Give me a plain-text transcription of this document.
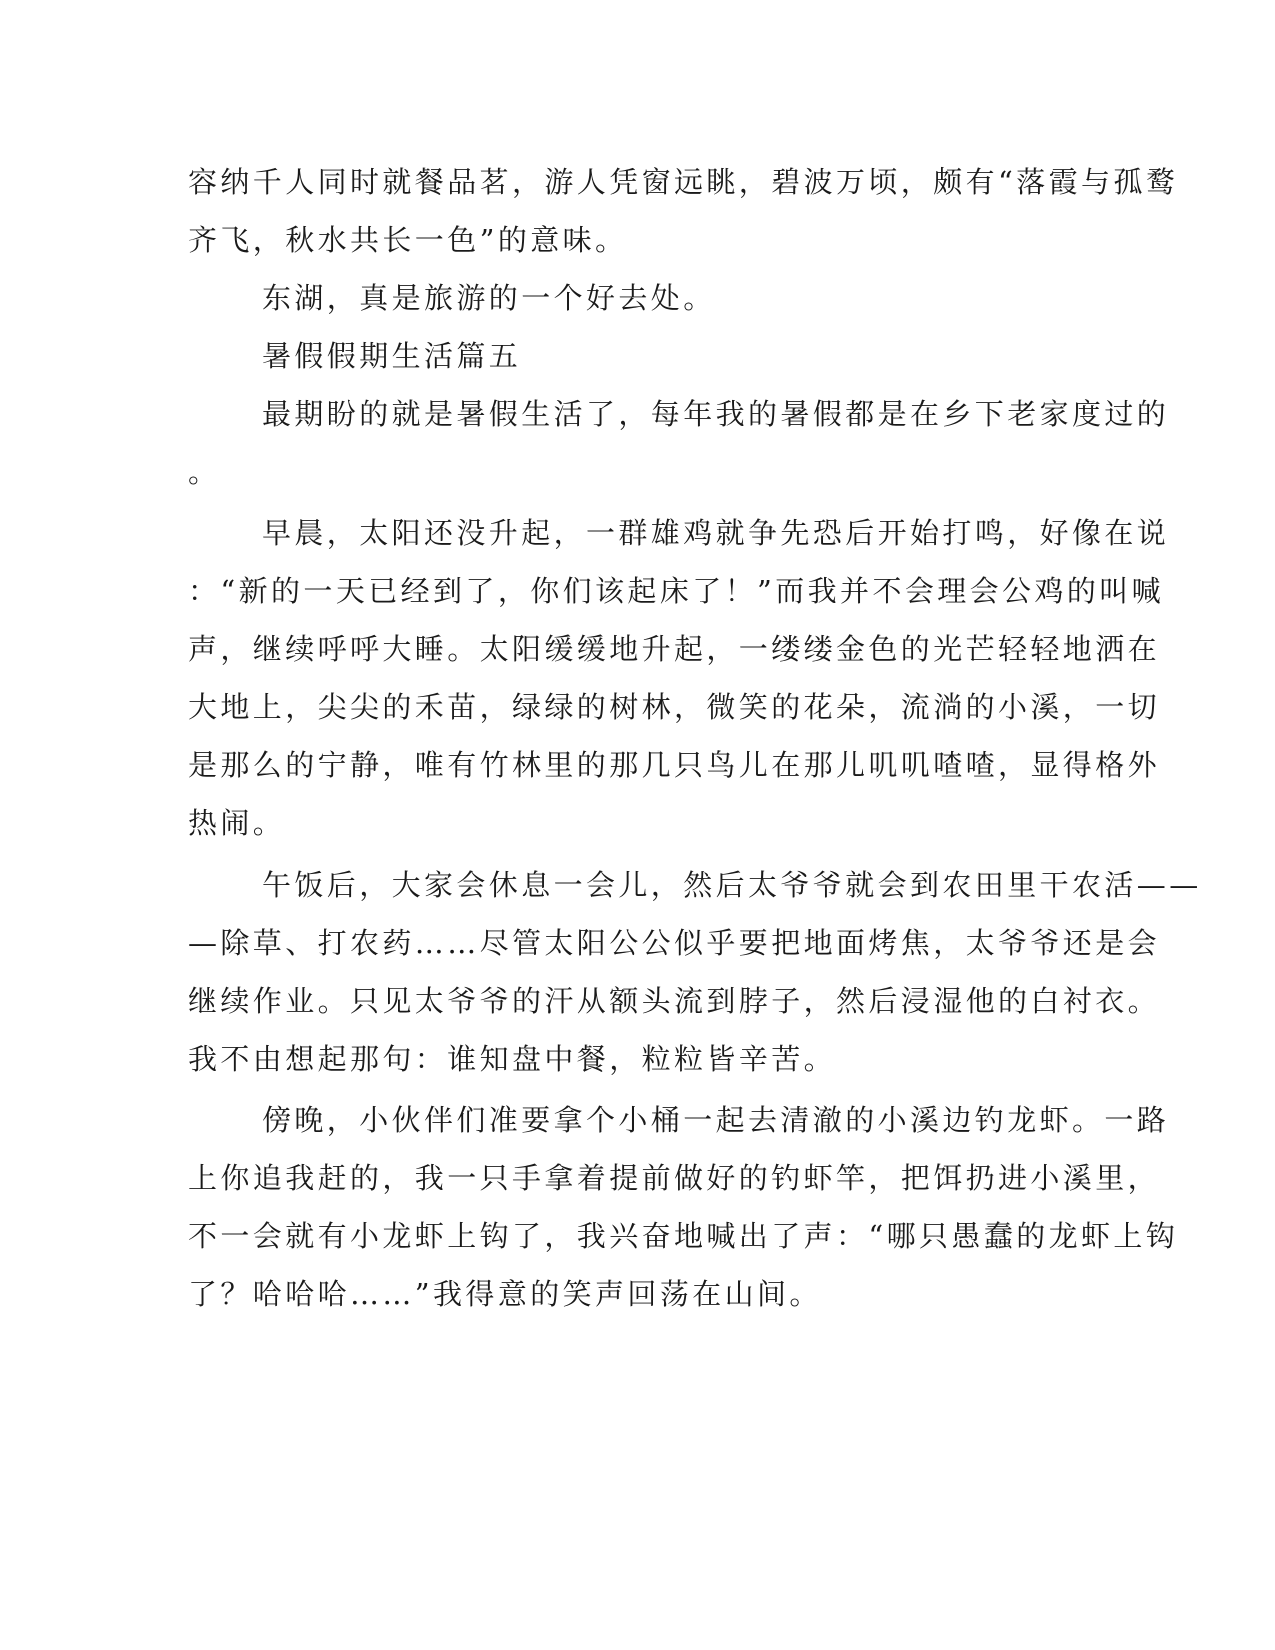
容纳千人同时就餐品茗，游人凭窗远眺，碧波万顷，颇有“落霞与孤鹜

齐飞，秋水共长一色”的意味。

东湖，真是旅游的一个好去处。

暑假假期生活篇五

最期盼的就是暑假生活了，每年我的暑假都是在乡下老家度过的

。

早晨，太阳还没升起，一群雄鸡就争先恐后开始打鸣，好像在说

：“新的一天已经到了，你们该起床了！”而我并不会理会公鸡的叫喊

声，继续呼呼大睡。太阳缓缓地升起，一缕缕金色的光芒轻轻地洒在

大地上，尖尖的禾苗，绿绿的树林，微笑的花朵，流淌的小溪，一切

是那么的宁静，唯有竹林里的那几只鸟儿在那儿叽叽喳喳，显得格外

热闹。

午饭后，大家会休息一会儿，然后太爷爷就会到农田里干农活——

—除草、打农药……尽管太阳公公似乎要把地面烤焦，太爷爷还是会

继续作业。只见太爷爷的汗从额头流到脖子，然后浸湿他的白衬衣。

我不由想起那句：谁知盘中餐，粒粒皆辛苦。

傍晚，小伙伴们准要拿个小桶一起去清澈的小溪边钓龙虾。一路

上你追我赶的，我一只手拿着提前做好的钓虾竿，把饵扔进小溪里，

不一会就有小龙虾上钩了，我兴奋地喊出了声：“哪只愚蠢的龙虾上钩

了？哈哈哈……”我得意的笑声回荡在山间。
